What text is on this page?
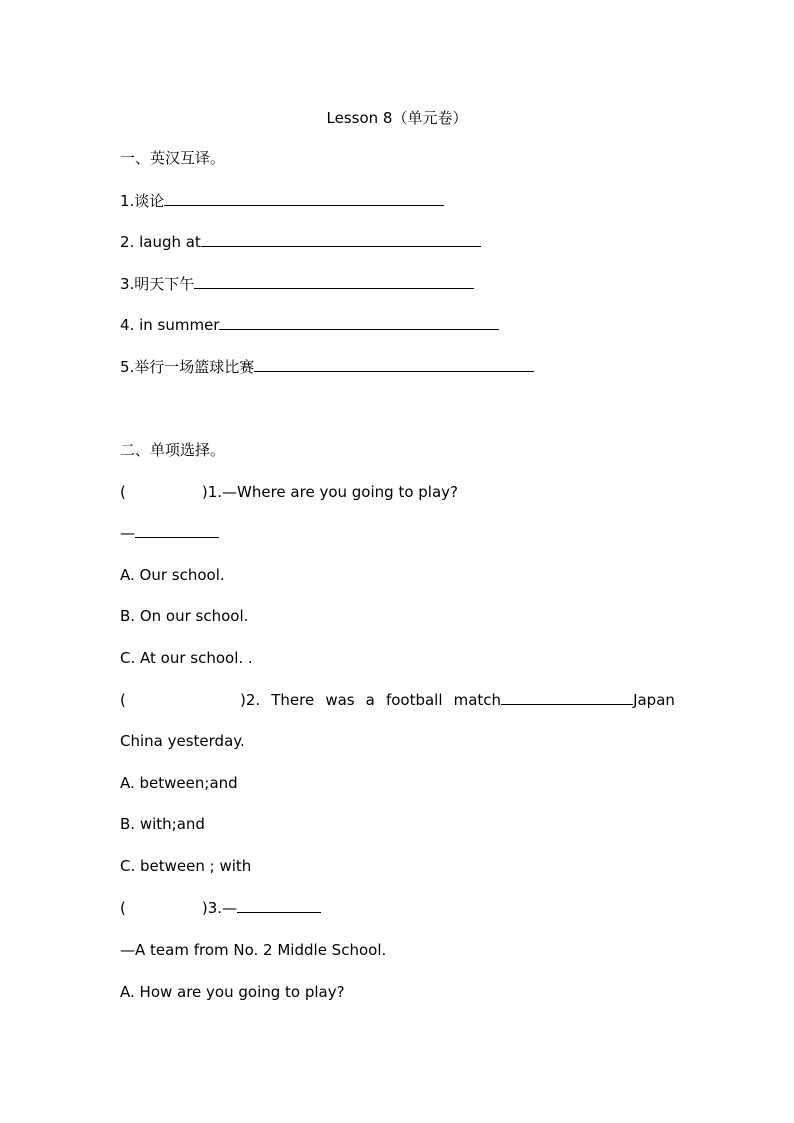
Lesson 8（单元卷）
一、英汉互译。
1.谈论
2. laugh at
3.明天下午
4. in summer
5.举行一场篮球比赛
二、单项选择。
(	)1.—Where are you going to play?
—
A. Our school.
B. On our school.
C. At our school. .
(	)2. There was a football match	Japan
China yesterday.
A. between;and
B. with;and
C. between ; with
(	)3.—
—A team from No. 2 Middle School.
A. How are you going to play?
